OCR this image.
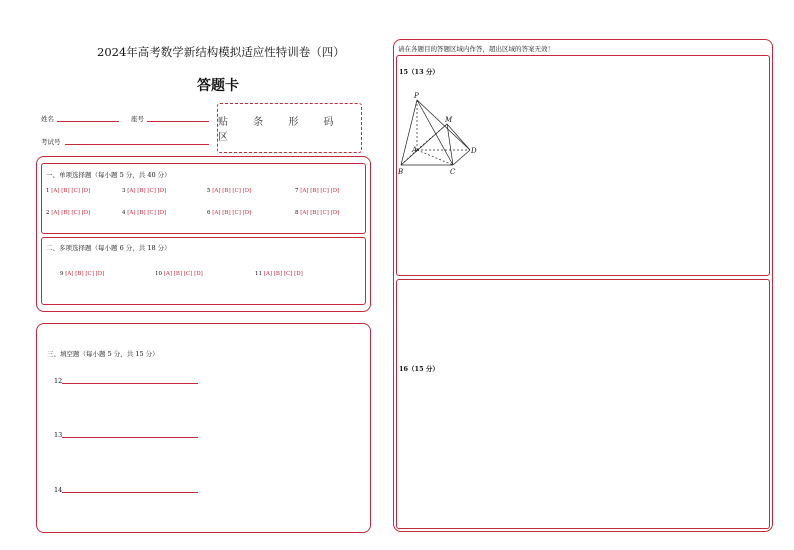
2024年高考数学新结构模拟适应性特训卷（四）
答题卡
姓名	座号
考试号
贴 条 形 码 区
一、单项选择题（每小题 5 分，共 40 分）
1 [A] [B] [C] [D]	3 [A] [B] [C] [D]	5 [A] [B] [C] [D]	7 [A] [B] [C] [D]
2 [A] [B] [C] [D]	4 [A] [B] [C] [D]	6 [A] [B] [C] [D]	8 [A] [B] [C] [D]
二、多项选择题（每小题 6 分，共 18 分）
9 [A] [B] [C] [D]	10 [A] [B] [C] [D]	11 [A] [B] [C] [D]
三、填空题（每小题 5 分，共 15 分）
12
13
14
请在各题目的答题区域内作答，超出区域的答案无效！
15（13 分）
P
M
A	D
B	C
16（15 分）
